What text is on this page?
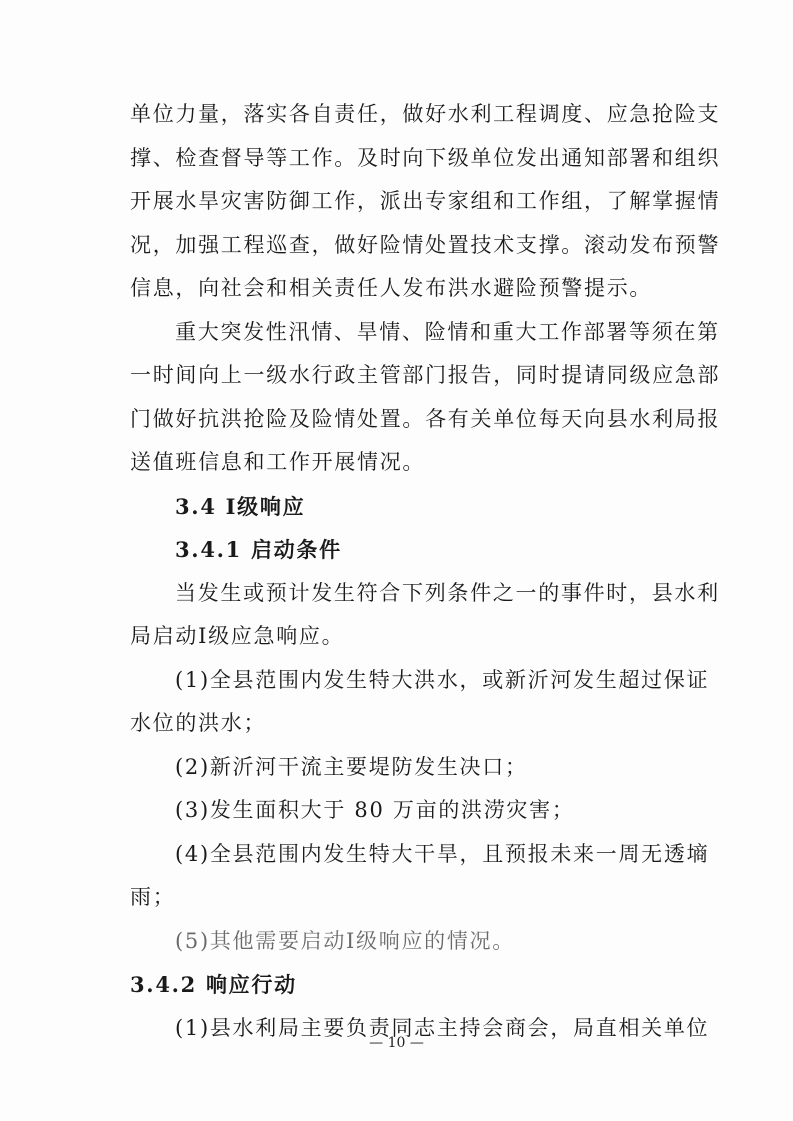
单位力量，落实各自责任，做好水利工程调度、应急抢险支
撑、检查督导等工作。及时向下级单位发出通知部署和组织
开展水旱灾害防御工作，派出专家组和工作组，了解掌握情
况，加强工程巡查，做好险情处置技术支撑。滚动发布预警
信息，向社会和相关责任人发布洪水避险预警提示。
重大突发性汛情、旱情、险情和重大工作部署等须在第
一时间向上一级水行政主管部门报告，同时提请同级应急部
门做好抗洪抢险及险情处置。各有关单位每天向县水利局报
送值班信息和工作开展情况。
3.4 Ⅰ级响应
3.4.1 启动条件
当发生或预计发生符合下列条件之一的事件时，县水利
局启动Ⅰ级应急响应。
(1)全县范围内发生特大洪水，或新沂河发生超过保证
水位的洪水；
(2)新沂河干流主要堤防发生决口；
(3)发生面积大于 80 万亩的洪涝灾害；
(4)全县范围内发生特大干旱，且预报未来一周无透墒
雨；
(5)其他需要启动Ⅰ级响应的情况。
3.4.2 响应行动
(1)县水利局主要负责同志主持会商会，局直相关单位
— 10 —
